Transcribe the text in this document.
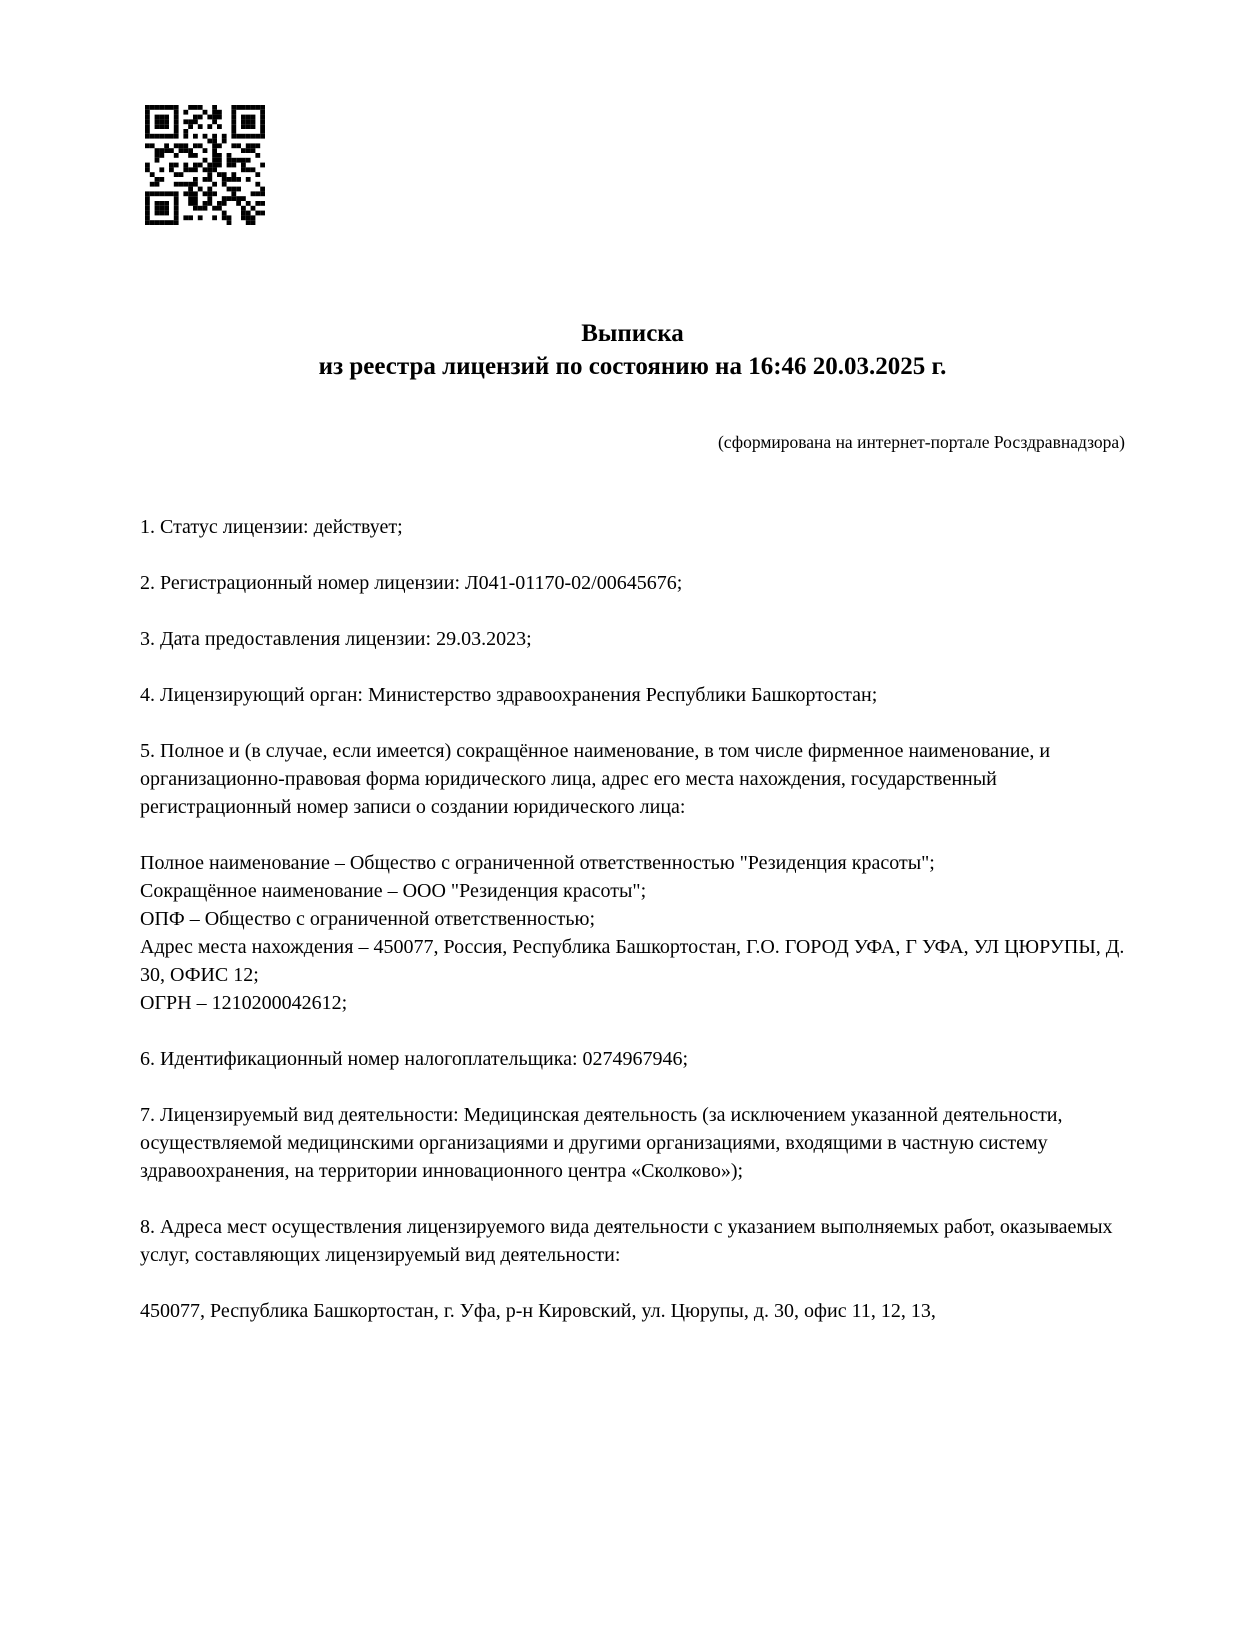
Выписка
из реестра лицензий по состоянию на 16:46 20.03.2025 г.
(сформирована на интернет-портале Росздравнадзора)

1. Статус лицензии: действует;

2. Регистрационный номер лицензии: Л041-01170-02/00645676;

3. Дата предоставления лицензии: 29.03.2023;

4. Лицензирующий орган: Министерство здравоохранения Республики Башкортостан;

5. Полное и (в случае, если имеется) сокращённое наименование, в том числе фирменное наименование, и организационно-правовая форма юридического лица, адрес его места нахождения, государственный регистрационный номер записи о создании юридического лица:

Полное наименование – Общество с ограниченной ответственностью "Резиденция красоты";

Сокращённое наименование – ООО "Резиденция красоты";

ОПФ – Общество с ограниченной ответственностью;

Адрес места нахождения – 450077, Россия, Республика Башкортостан, Г.О. ГОРОД УФА, Г УФА, УЛ ЦЮРУПЫ, Д. 30, ОФИС 12;

ОГРН – 1210200042612;

6. Идентификационный номер налогоплательщика: 0274967946;

7. Лицензируемый вид деятельности: Медицинская деятельность (за исключением указанной деятельности, осуществляемой медицинскими организациями и другими организациями, входящими в частную систему здравоохранения, на территории инновационного центра «Сколково»);

8. Адреса мест осуществления лицензируемого вида деятельности с указанием выполняемых работ, оказываемых услуг, составляющих лицензируемый вид деятельности:

450077, Республика Башкортостан, г. Уфа, р-н Кировский, ул. Цюрупы, д. 30, офис 11, 12, 13,
